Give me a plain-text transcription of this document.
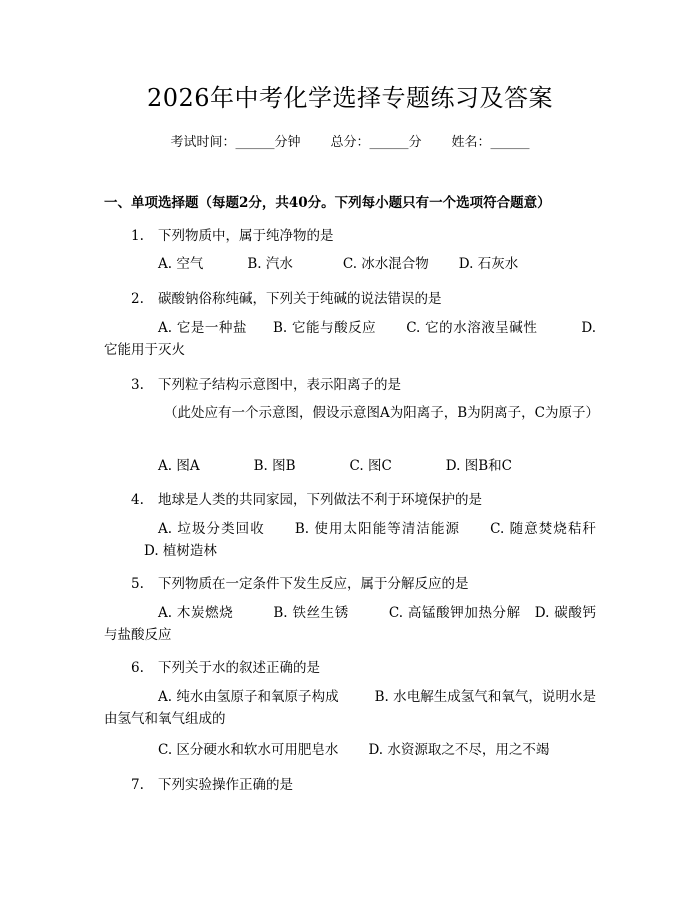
2026年中考化学选择专题练习及答案
考试时间：______分钟 总分：______分 姓名：______
一、单项选择题（每题2分，共40分。下列每小题只有一个选项符合题意）
1. 下列物质中，属于纯净物的是
A. 空气	B. 汽水	C. 冰水混合物 D. 石灰水
2. 碳酸钠俗称纯碱，下列关于纯碱的说法错误的是
A. 它是一种盐 B. 它能与酸反应 C. 它的水溶液呈碱性	D. 它能用于灭火
3. 下列粒子结构示意图中，表示阳离子的是
（此处应有一个示意图，假设示意图A为阳离子，B为阴离子，C为原子）
A. 图A	B. 图B	C. 图C	D. 图B和C
4. 地球是人类的共同家园，下列做法不利于环境保护的是
A. 垃圾分类回收 B. 使用太阳能等清洁能源 C. 随意焚烧秸秆D. 植树造林
5. 下列物质在一定条件下发生反应，属于分解反应的是
A. 木炭燃烧	B. 铁丝生锈	C. 高锰酸钾加热分解 D. 碳酸钙与盐酸反应
6. 下列关于水的叙述正确的是
A. 纯水由氢原子和氧原子构成	B. 水电解生成氢气和氧气，说明水是由氢气和氧气组成的
C. 区分硬水和软水可用肥皂水 D. 水资源取之不尽，用之不竭
7. 下列实验操作正确的是
